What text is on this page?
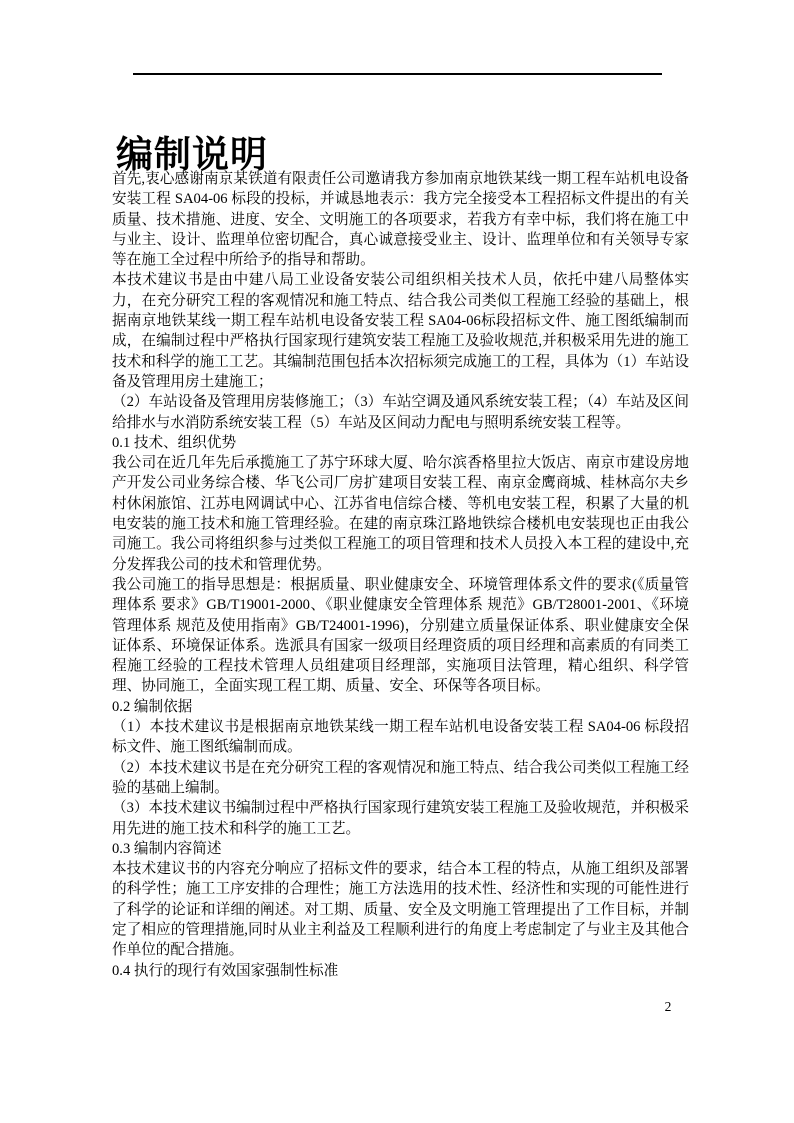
编制说明

首先,衷心感谢南京某铁道有限责任公司邀请我方参加南京地铁某线一期工程车站机电设备安装工程 SA04-06 标段的投标，并诚恳地表示：我方完全接受本工程招标文件提出的有关质量、技术措施、进度、安全、文明施工的各项要求，若我方有幸中标，我们将在施工中与业主、设计、监理单位密切配合，真心诚意接受业主、设计、监理单位和有关领导专家等在施工全过程中所给予的指导和帮助。

本技术建议书是由中建八局工业设备安装公司组织相关技术人员，依托中建八局整体实力，在充分研究工程的客观情况和施工特点、结合我公司类似工程施工经验的基础上，根据南京地铁某线一期工程车站机电设备安装工程 SA04-06标段招标文件、施工图纸编制而成，在编制过程中严格执行国家现行建筑安装工程施工及验收规范,并积极采用先进的施工技术和科学的施工工艺。其编制范围包括本次招标须完成施工的工程，具体为（1）车站设备及管理用房土建施工；

（2）车站设备及管理用房装修施工；（3）车站空调及通风系统安装工程；（4）车站及区间给排水与水消防系统安装工程（5）车站及区间动力配电与照明系统安装工程等。

0.1 技术、组织优势

我公司在近几年先后承揽施工了苏宁环球大厦、哈尔滨香格里拉大饭店、南京市建设房地产开发公司业务综合楼、华飞公司厂房扩建项目安装工程、南京金鹰商城、桂林高尔夫乡村休闲旅馆、江苏电网调试中心、江苏省电信综合楼、等机电安装工程，积累了大量的机电安装的施工技术和施工管理经验。在建的南京珠江路地铁综合楼机电安装现也正由我公司施工。我公司将组织参与过类似工程施工的项目管理和技术人员投入本工程的建设中,充分发挥我公司的技术和管理优势。

我公司施工的指导思想是：根据质量、职业健康安全、环境管理体系文件的要求(《质量管理体系 要求》GB/T19001-2000、《职业健康安全管理体系 规范》GB/T28001-2001、《环境管理体系 规范及使用指南》GB/T24001-1996)，分别建立质量保证体系、职业健康安全保证体系、环境保证体系。选派具有国家一级项目经理资质的项目经理和高素质的有同类工程施工经验的工程技术管理人员组建项目经理部，实施项目法管理，精心组织、科学管理、协同施工，全面实现工程工期、质量、安全、环保等各项目标。

0.2 编制依据

（1）本技术建议书是根据南京地铁某线一期工程车站机电设备安装工程 SA04-06 标段招标文件、施工图纸编制而成。

（2）本技术建议书是在充分研究工程的客观情况和施工特点、结合我公司类似工程施工经验的基础上编制。

（3）本技术建议书编制过程中严格执行国家现行建筑安装工程施工及验收规范，并积极采用先进的施工技术和科学的施工工艺。

0.3 编制内容简述

本技术建议书的内容充分响应了招标文件的要求，结合本工程的特点，从施工组织及部署的科学性；施工工序安排的合理性；施工方法选用的技术性、经济性和实现的可能性进行了科学的论证和详细的阐述。对工期、质量、安全及文明施工管理提出了工作目标，并制定了相应的管理措施,同时从业主利益及工程顺利进行的角度上考虑制定了与业主及其他合作单位的配合措施。

0.4 执行的现行有效国家强制性标准

2
